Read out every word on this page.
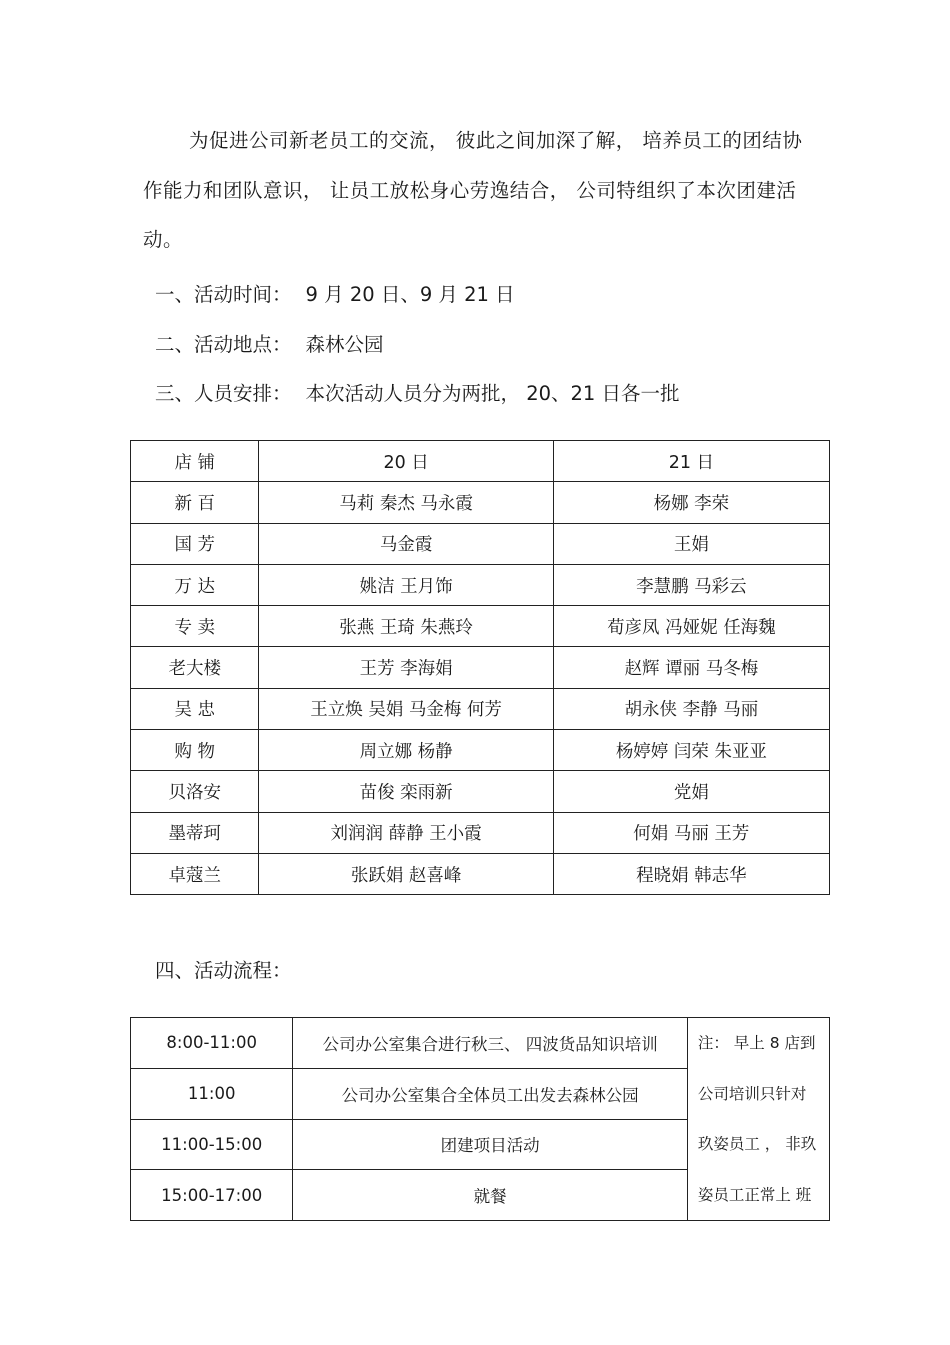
为促进公司新老员工的交流， 彼此之间加深了解， 培养员工的团结协作能力和团队意识， 让员工放松身心劳逸结合， 公司特组织了本次团建活动。

一、活动时间： 9 月 20 日、9 月 21 日
二、活动地点： 森林公园
三、人员安排： 本次活动人员分为两批， 20、21 日各一批
店 铺	20 日	21 日
新 百	马莉 秦杰 马永霞	杨娜 李荣
国 芳	马金霞	王娟
万 达	姚洁 王月饰	李慧鹏 马彩云
专 卖	张燕 王琦 朱燕玲	荀彦凤 冯娅妮 任海魏
老大楼	王芳 李海娟	赵辉 谭丽 马冬梅
吴 忠	王立焕 吴娟 马金梅 何芳	胡永侠 李静 马丽
购 物	周立娜 杨静	杨婷婷 闫荣 朱亚亚
贝洛安	苗俊 栾雨新	党娟
墨蒂珂	刘润润 薛静 王小霞	何娟 马丽 王芳
卓蔻兰	张跃娟 赵喜峰	程晓娟 韩志华
四、活动流程：
8:00-11:00	公司办公室集合进行秋三、 四波货品知识培训	注： 早上 8 店到公司培训只针对玖姿员工 ， 非玖姿员工正常上 班

11:00	公司办公室集合全体员工出发去森林公园	
11:00-15:00	团建项目活动	
15:00-17:00	就餐	
